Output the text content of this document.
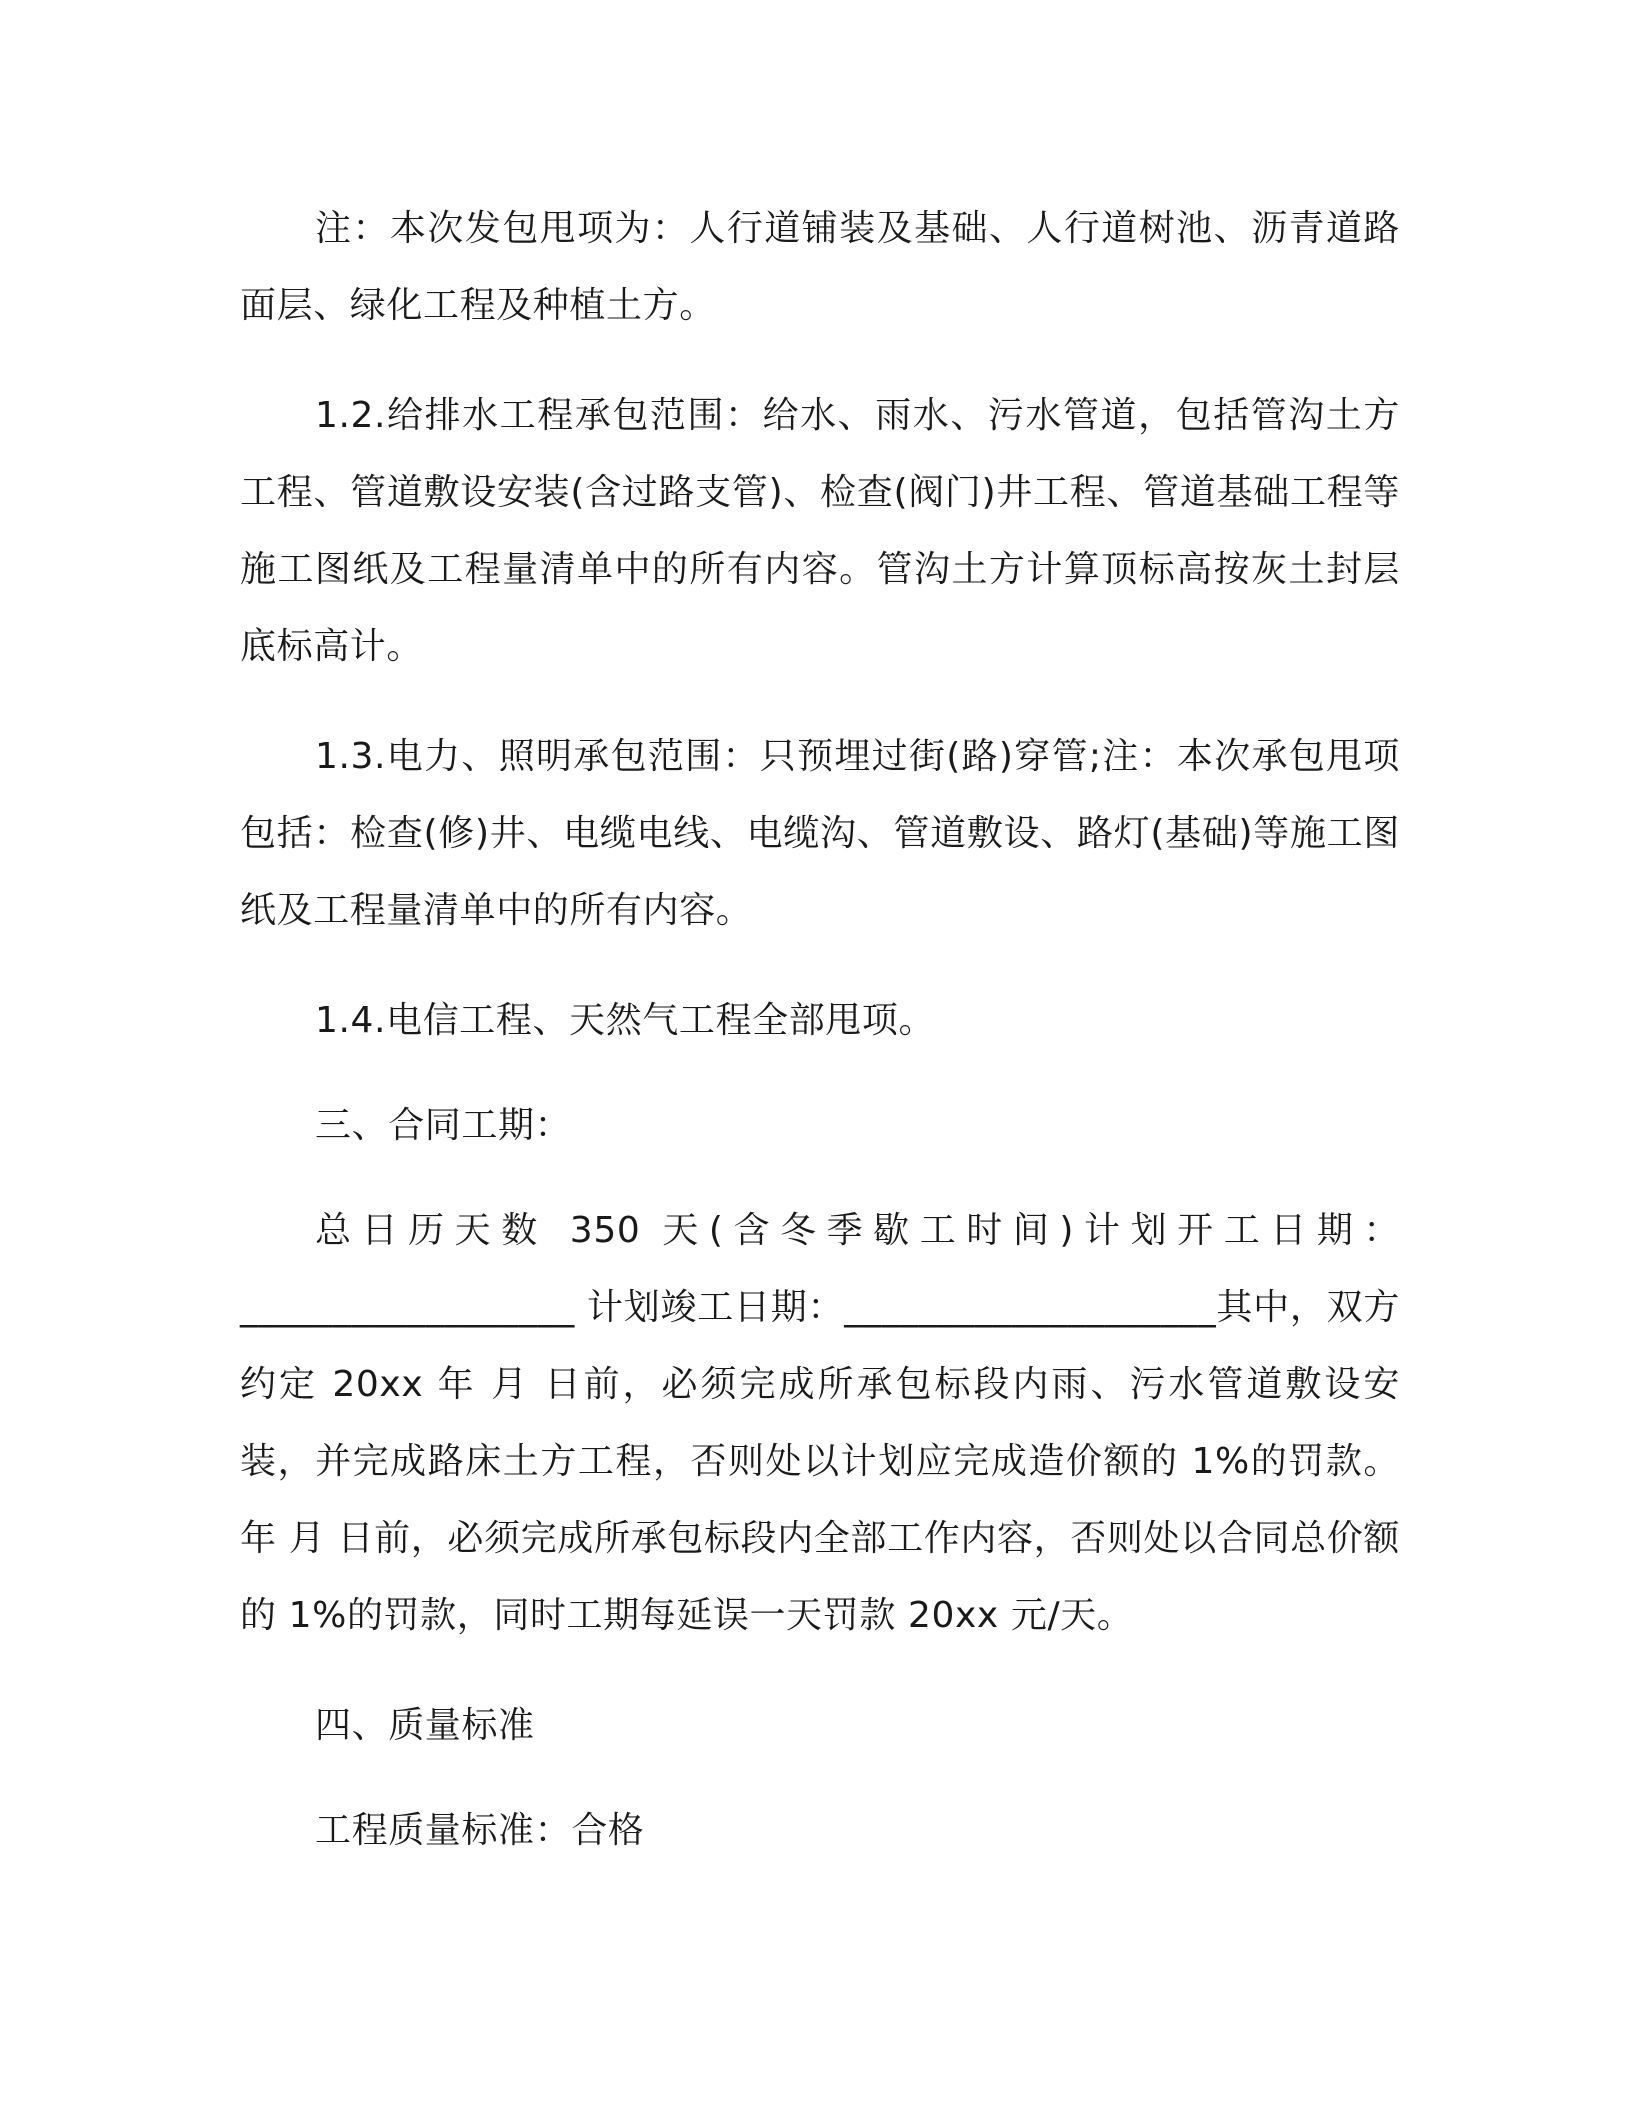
注：本次发包甩项为：人行道铺装及基础、人行道树池、沥青道路面层、绿化工程及种植土方。

1.2.给排水工程承包范围：给水、雨水、污水管道，包括管沟土方工程、管道敷设安装(含过路支管)、检查(阀门)井工程、管道基础工程等施工图纸及工程量清单中的所有内容。管沟土方计算顶标高按灰土封层底标高计。

1.3.电力、照明承包范围：只预埋过街(路)穿管;注：本次承包甩项包括：检查(修)井、电缆电线、电缆沟、管道敷设、路灯(基础)等施工图纸及工程量清单中的所有内容。

1.4.电信工程、天然气工程全部甩项。

三、合同工期：

总日历天数 350 天(含冬季歇工时间)计划开工日期：__________________ 计划竣工日期：____________________其中，双方约定 20xx 年 月 日前，必须完成所承包标段内雨、污水管道敷设安装，并完成路床土方工程，否则处以计划应完成造价额的 1%的罚款。年 月 日前，必须完成所承包标段内全部工作内容，否则处以合同总价额的 1%的罚款，同时工期每延误一天罚款 20xx 元/天。

四、质量标准

工程质量标准：合格
